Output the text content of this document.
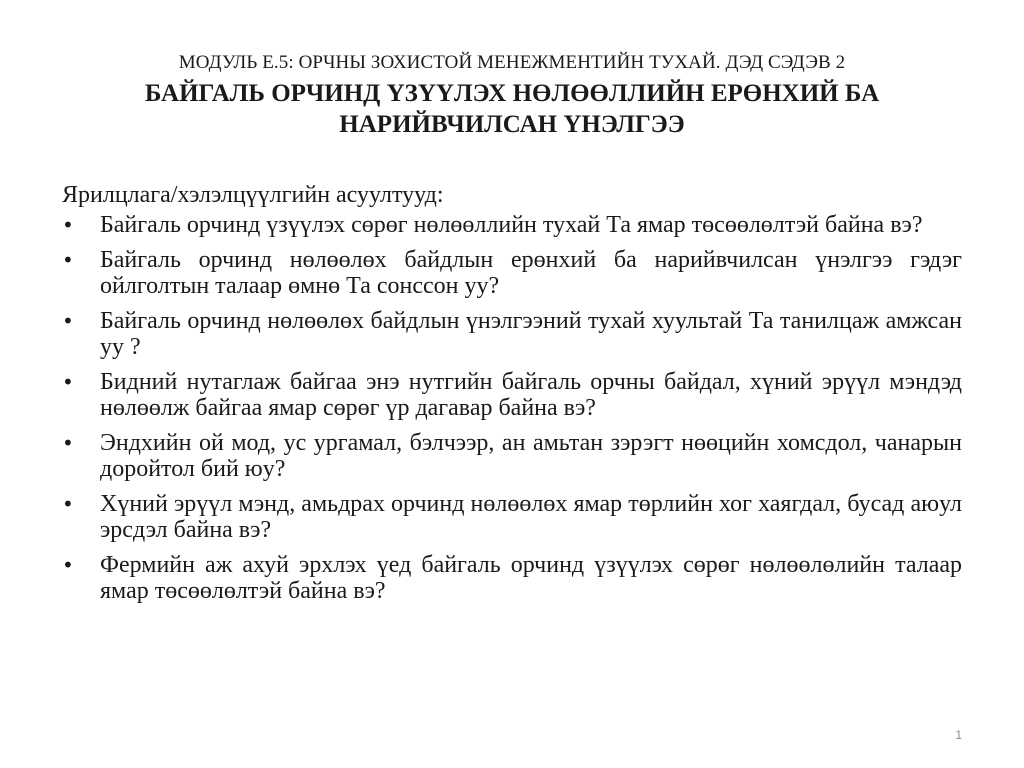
МОДУЛЬ Е.5: ОРЧНЫ ЗОХИСТОЙ МЕНЕЖМЕНТИЙН ТУХАЙ. ДЭД СЭДЭВ 2
БАЙГАЛЬ ОРЧИНД ҮЗҮҮЛЭХ НӨЛӨӨЛЛИЙН ЕРӨНХИЙ БА НАРИЙВЧИЛСАН ҮНЭЛГЭЭ

Ярилцлага/хэлэлцүүлгийн асуултууд:

• Байгаль орчинд үзүүлэх сөрөг нөлөөллийн тухай Та ямар төсөөлөлтэй байна вэ?
• Байгаль орчинд нөлөөлөх байдлын ерөнхий ба нарийвчилсан үнэлгээ гэдэг ойлголтын талаар өмнө Та сонссон уу?
• Байгаль орчинд нөлөөлөх байдлын үнэлгээний тухай хуультай Та танилцаж амжсан уу ?
• Бидний нутаглаж байгаа энэ нутгийн байгаль орчны байдал, хүний эрүүл мэндэд нөлөөлж байгаа ямар сөрөг үр дагавар байна вэ?
• Эндхийн ой мод, ус ургамал, бэлчээр, ан амьтан зэрэгт нөөцийн хомсдол, чанарын доройтол бий юу?
• Хүний эрүүл мэнд, амьдрах орчинд нөлөөлөх ямар төрлийн хог хаягдал, бусад аюул эрсдэл байна вэ?
• Фермийн аж ахуй эрхлэх үед байгаль орчинд үзүүлэх сөрөг нөлөөлөлийн талаар ямар төсөөлөлтэй байна вэ?
1
